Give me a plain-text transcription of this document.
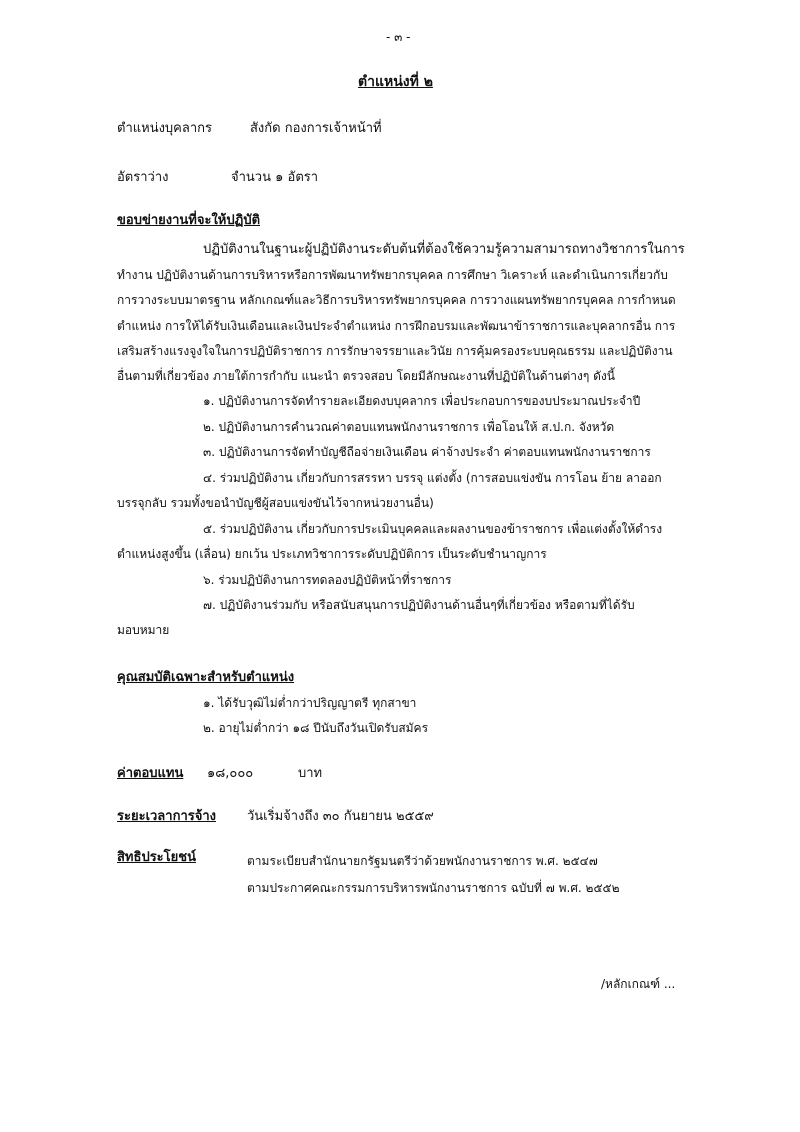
- ๓ -
ตำแหน่งที่ ๒
ตำแหน่งบุคลากร	สังกัด กองการเจ้าหน้าที่
อัตราว่าง	จำนวน ๑ อัตรา
ขอบข่ายงานที่จะให้ปฏิบัติ
ปฏิบัติงานในฐานะผู้ปฏิบัติงานระดับต้นที่ต้องใช้ความรู้ความสามารถทางวิชาการในการ
ทำงาน ปฏิบัติงานด้านการบริหารหรือการพัฒนาทรัพยากรบุคคล การศึกษา วิเคราะห์ และดำเนินการเกี่ยวกับ
การวางระบบมาตรฐาน หลักเกณฑ์และวิธีการบริหารทรัพยากรบุคคล การวางแผนทรัพยากรบุคคล การกำหนด
ตำแหน่ง การให้ได้รับเงินเดือนและเงินประจำตำแหน่ง การฝึกอบรมและพัฒนาข้าราชการและบุคลากรอื่น การ
เสริมสร้างแรงจูงใจในการปฏิบัติราชการ การรักษาจรรยาและวินัย การคุ้มครองระบบคุณธรรม และปฏิบัติงาน
อื่นตามที่เกี่ยวข้อง ภายใต้การกำกับ แนะนำ ตรวจสอบ โดยมีลักษณะงานที่ปฏิบัติในด้านต่างๆ ดังนี้
๑. ปฏิบัติงานการจัดทำรายละเอียดงบบุคลากร เพื่อประกอบการของบประมาณประจำปี
๒. ปฏิบัติงานการคำนวณค่าตอบแทนพนักงานราชการ เพื่อโอนให้ ส.ป.ก. จังหวัด
๓. ปฏิบัติงานการจัดทำบัญชีถือจ่ายเงินเดือน ค่าจ้างประจำ ค่าตอบแทนพนักงานราชการ
๔. ร่วมปฏิบัติงาน เกี่ยวกับการสรรหา บรรจุ แต่งตั้ง (การสอบแข่งขัน การโอน ย้าย ลาออก
บรรจุกลับ รวมทั้งขอนำบัญชีผู้สอบแข่งขันไว้จากหน่วยงานอื่น)
๕. ร่วมปฏิบัติงาน เกี่ยวกับการประเมินบุคคลและผลงานของข้าราชการ เพื่อแต่งตั้งให้ดำรง
ตำแหน่งสูงขึ้น (เลื่อน) ยกเว้น ประเภทวิชาการระดับปฏิบัติการ เป็นระดับชำนาญการ
๖. ร่วมปฏิบัติงานการทดลองปฏิบัติหน้าที่ราชการ
๗. ปฏิบัติงานร่วมกับ หรือสนับสนุนการปฏิบัติงานด้านอื่นๆที่เกี่ยวข้อง หรือตามที่ได้รับ
มอบหมาย
คุณสมบัติเฉพาะสำหรับตำแหน่ง
๑. ได้รับวุฒิไม่ต่ำกว่าปริญญาตรี ทุกสาขา
๒. อายุไม่ต่ำกว่า ๑๘ ปีนับถึงวันเปิดรับสมัคร
ค่าตอบแทน ๑๘,๐๐๐	บาท
ระยะเวลาการจ้าง วันเริ่มจ้างถึง ๓๐ กันยายน ๒๕๕๙
สิทธิประโยชน์	ตามระเบียบสำนักนายกรัฐมนตรีว่าด้วยพนักงานราชการ พ.ศ. ๒๕๔๗
ตามประกาศคณะกรรมการบริหารพนักงานราชการ ฉบับที่ ๗ พ.ศ. ๒๕๕๒
/หลักเกณฑ์ ...
